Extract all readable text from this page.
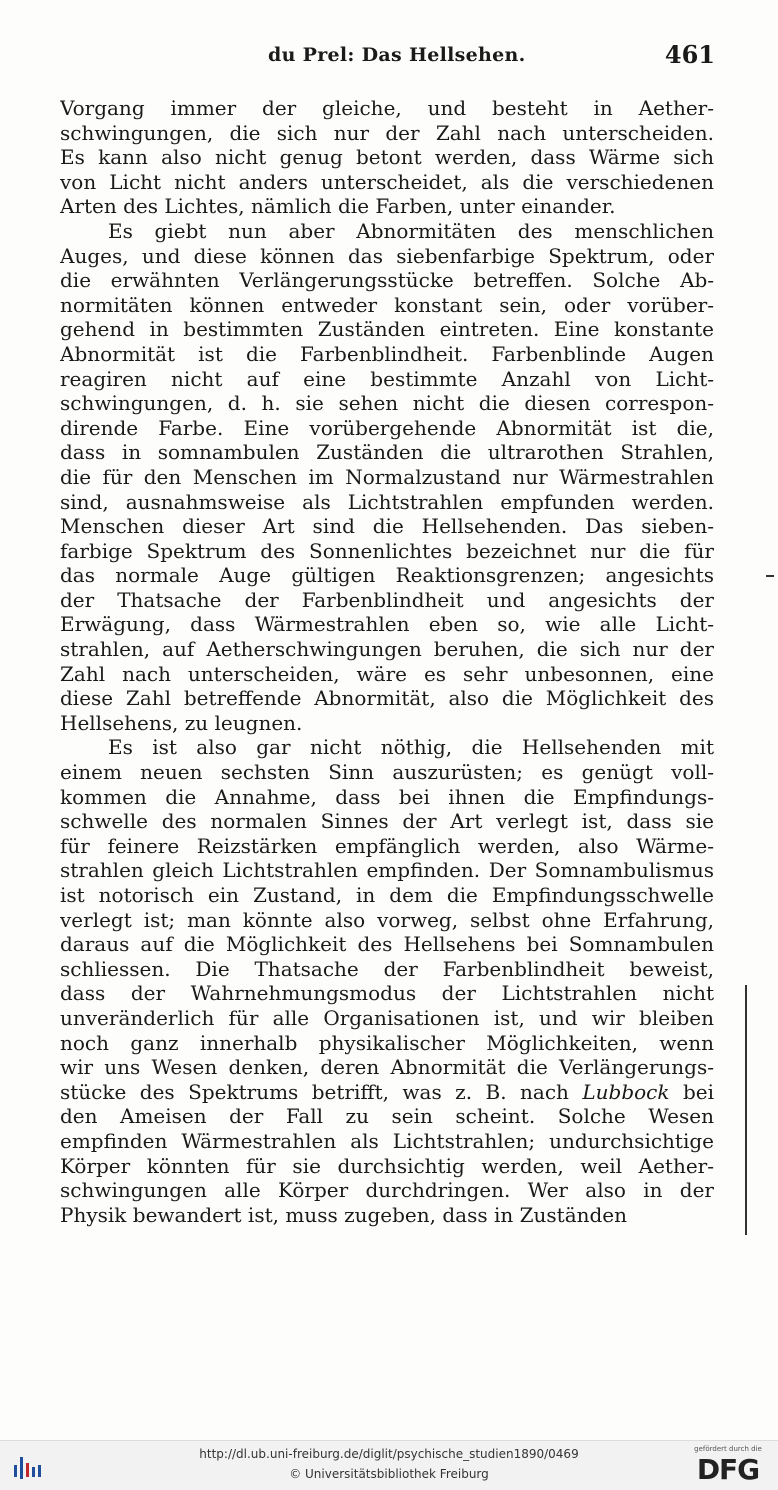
du Prel: Das Hellsehen.	461
Vorgang immer der gleiche, und besteht in Aether-
schwingungen, die sich nur der Zahl nach unterscheiden.
Es kann also nicht genug betont werden, dass Wärme sich
von Licht nicht anders unterscheidet, als die verschiedenen
Arten des Lichtes, nämlich die Farben, unter einander.
Es giebt nun aber Abnormitäten des menschlichen
Auges, und diese können das siebenfarbige Spektrum, oder
die erwähnten Verlängerungsstücke betreffen. Solche Ab-
normitäten können entweder konstant sein, oder vorüber-
gehend in bestimmten Zuständen eintreten. Eine konstante
Abnormität ist die Farbenblindheit. Farbenblinde Augen
reagiren nicht auf eine bestimmte Anzahl von Licht-
schwingungen, d. h. sie sehen nicht die diesen correspon-
dirende Farbe. Eine vorübergehende Abnormität ist die,
dass in somnambulen Zuständen die ultrarothen Strahlen,
die für den Menschen im Normalzustand nur Wärmestrahlen
sind, ausnahmsweise als Lichtstrahlen empfunden werden.
Menschen dieser Art sind die Hellsehenden. Das sieben-
farbige Spektrum des Sonnenlichtes bezeichnet nur die für
das normale Auge gültigen Reaktionsgrenzen; angesichts
der Thatsache der Farbenblindheit und angesichts der
Erwägung, dass Wärmestrahlen eben so, wie alle Licht-
strahlen, auf Aetherschwingungen beruhen, die sich nur der
Zahl nach unterscheiden, wäre es sehr unbesonnen, eine
diese Zahl betreffende Abnormität, also die Möglichkeit des
Hellsehens, zu leugnen.
Es ist also gar nicht nöthig, die Hellsehenden mit
einem neuen sechsten Sinn auszurüsten; es genügt voll-
kommen die Annahme, dass bei ihnen die Empfindungs-
schwelle des normalen Sinnes der Art verlegt ist, dass sie
für feinere Reizstärken empfänglich werden, also Wärme-
strahlen gleich Lichtstrahlen empfinden. Der Somnambulismus
ist notorisch ein Zustand, in dem die Empfindungsschwelle
verlegt ist; man könnte also vorweg, selbst ohne Erfahrung,
daraus auf die Möglichkeit des Hellsehens bei Somnambulen
schliessen. Die Thatsache der Farbenblindheit beweist,
dass der Wahrnehmungsmodus der Lichtstrahlen nicht
unveränderlich für alle Organisationen ist, und wir bleiben
noch ganz innerhalb physikalischer Möglichkeiten, wenn
wir uns Wesen denken, deren Abnormität die Verlängerungs-
stücke des Spektrums betrifft, was z. B. nach Lubbock bei
den Ameisen der Fall zu sein scheint. Solche Wesen
empfinden Wärmestrahlen als Lichtstrahlen; undurchsichtige
Körper könnten für sie durchsichtig werden, weil Aether-
schwingungen alle Körper durchdringen. Wer also in der
Physik bewandert ist, muss zugeben, dass in Zuständen
http://dl.ub.uni-freiburg.de/diglit/psychische_studien1890/0469
© Universitätsbibliothek Freiburg
gefördert durch die
DFG
